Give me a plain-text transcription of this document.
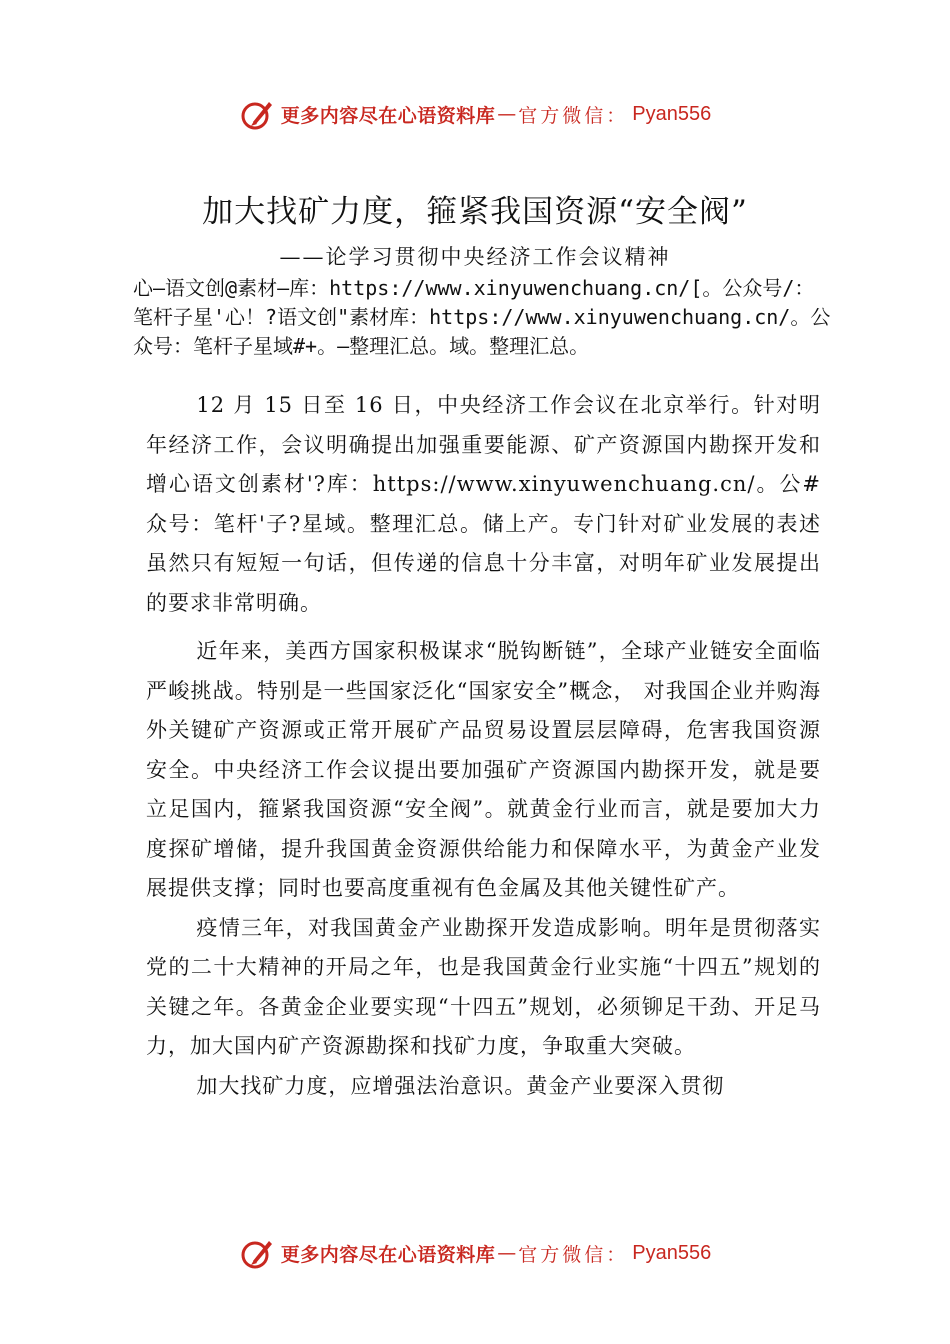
更多内容尽在心语资料库 — 官方微信： Pyan556
加大找矿力度，箍紧我国资源“安全阀”
——论学习贯彻中央经济工作会议精神

心—语文创@素材—库：https://www.xinyuwenchuang.cn/[。公众号/：笔杆子星'心！?语文创"素材库：https://www.xinyuwenchuang.cn/。公众号：笔杆子星域#+。—整理汇总。域。整理汇总。

12 月 15 日至 16 日，中央经济工作会议在北京举行。针对明年经济工作，会议明确提出加强重要能源、矿产资源国内勘探开发和增心语文创素材'?库：https://www.xinyuwenchuang.cn/。公#众号：笔杆'子?星域。整理汇总。储上产。专门针对矿业发展的表述虽然只有短短一句话，但传递的信息十分丰富，对明年矿业发展提出的要求非常明确。

近年来，美西方国家积极谋求“脱钩断链”，全球产业链安全面临严峻挑战。特别是一些国家泛化“国家安全”概念， 对我国企业并购海外关键矿产资源或正常开展矿产品贸易设置层层障碍，危害我国资源安全。中央经济工作会议提出要加强矿产资源国内勘探开发，就是要立足国内，箍紧我国资源“安全阀”。就黄金行业而言，就是要加大力度探矿增储，提升我国黄金资源供给能力和保障水平，为黄金产业发展提供支撑；同时也要高度重视有色金属及其他关键性矿产。

疫情三年，对我国黄金产业勘探开发造成影响。明年是贯彻落实党的二十大精神的开局之年，也是我国黄金行业实施“十四五”规划的关键之年。各黄金企业要实现“十四五”规划，必须铆足干劲、开足马力，加大国内矿产资源勘探和找矿力度，争取重大突破。

加大找矿力度，应增强法治意识。黄金产业要深入贯彻

更多内容尽在心语资料库 — 官方微信： Pyan556
